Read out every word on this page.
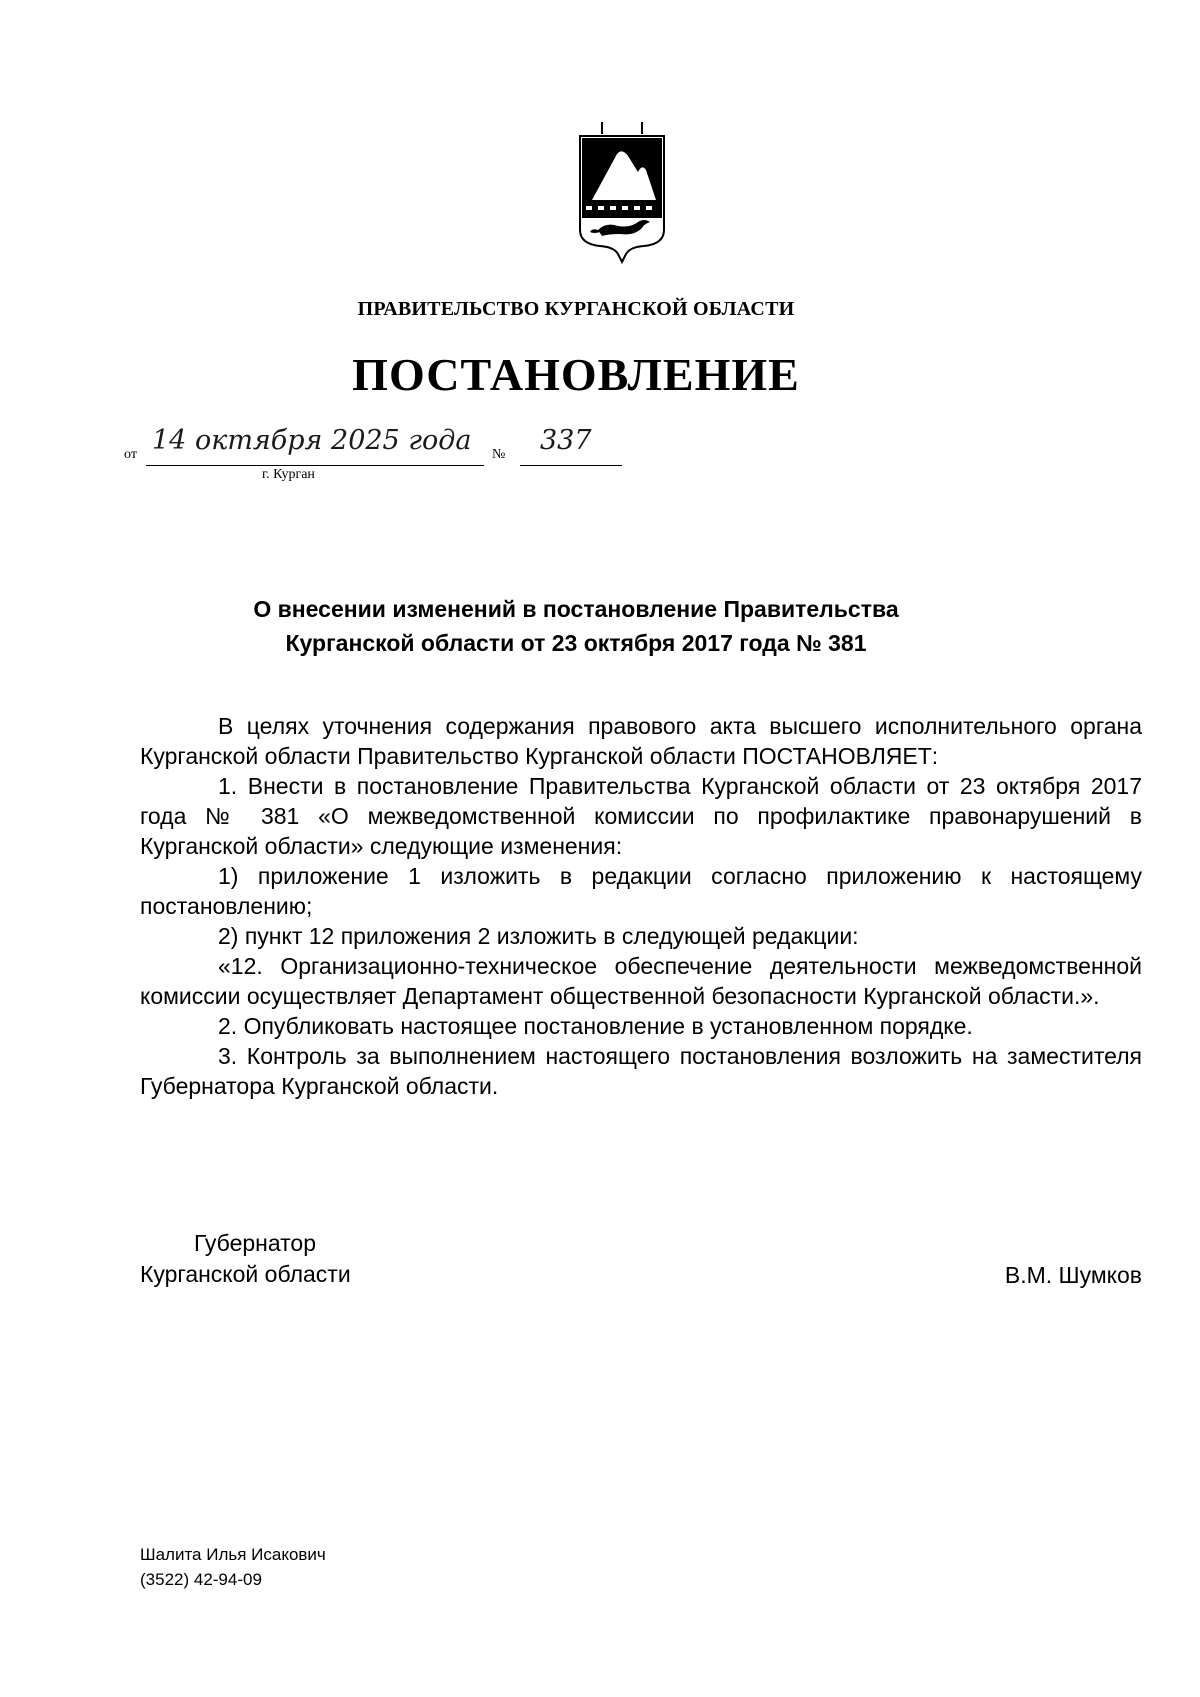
ПРАВИТЕЛЬСТВО КУРГАНСКОЙ ОБЛАСТИ
ПОСТАНОВЛЕНИЕ
от 14 октября 2025 года № 337
г. Курган
О внесении изменений в постановление Правительства
Курганской области от 23 октября 2017 года № 381

В целях уточнения содержания правового акта высшего исполнительного органа Курганской области Правительство Курганской области ПОСТАНОВЛЯЕТ:

1. Внести в постановление Правительства Курганской области от 23 октября 2017 года № 381 «О межведомственной комиссии по профилактике правонарушений в Курганской области» следующие изменения:

1) приложение 1 изложить в редакции согласно приложению к настоящему постановлению;

2) пункт 12 приложения 2 изложить в следующей редакции:

«12. Организационно-техническое обеспечение деятельности межведомственной комиссии осуществляет Департамент общественной безопасности Курганской области.».

2. Опубликовать настоящее постановление в установленном порядке.

3. Контроль за выполнением настоящего постановления возложить на заместителя Губернатора Курганской области.

Губернатор
Курганской области	В.М. Шумков
Шалита Илья Исакович
(3522) 42-94-09
